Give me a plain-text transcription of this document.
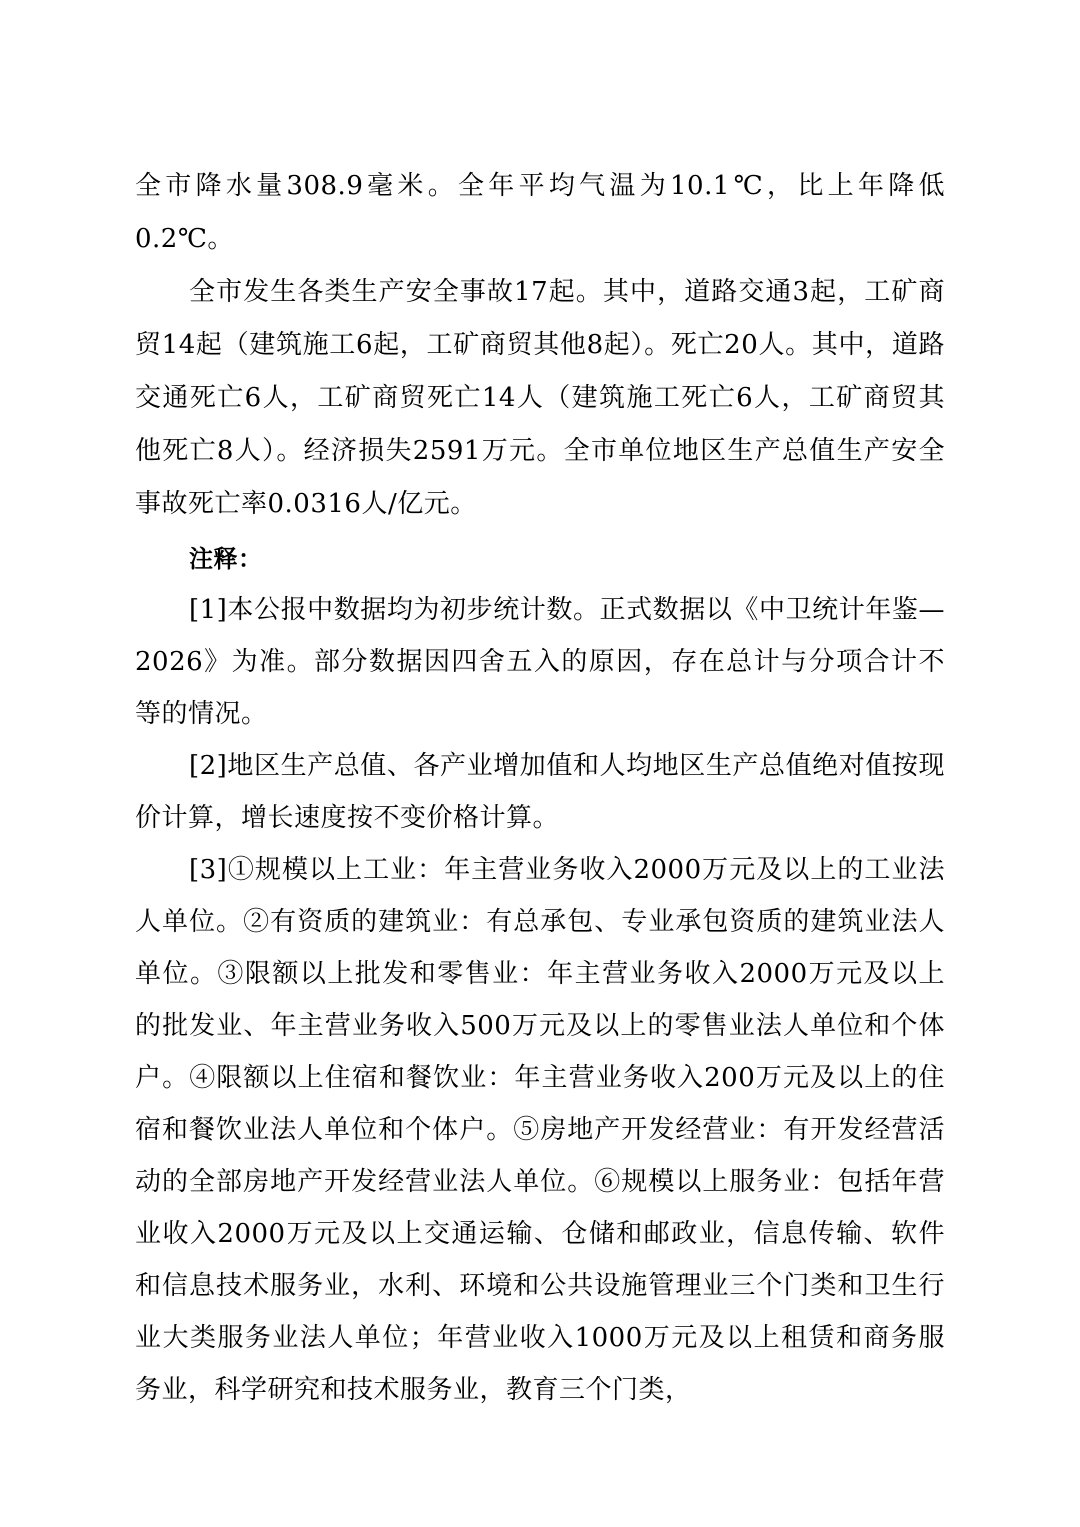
全市降水量308.9毫米。全年平均气温为10.1℃，比上年降低0.2℃。

全市发生各类生产安全事故17起。其中，道路交通3起，工矿商贸14起（建筑施工6起，工矿商贸其他8起）。死亡20人。其中，道路交通死亡6人，工矿商贸死亡14人（建筑施工死亡6人，工矿商贸其他死亡8人）。经济损失2591万元。全市单位地区生产总值生产安全事故死亡率0.0316人/亿元。

注释：

[1]本公报中数据均为初步统计数。正式数据以《中卫统计年鉴—2026》为准。部分数据因四舍五入的原因，存在总计与分项合计不等的情况。

[2]地区生产总值、各产业增加值和人均地区生产总值绝对值按现价计算，增长速度按不变价格计算。

[3]①规模以上工业：年主营业务收入2000万元及以上的工业法人单位。②有资质的建筑业：有总承包、专业承包资质的建筑业法人单位。③限额以上批发和零售业：年主营业务收入2000万元及以上的批发业、年主营业务收入500万元及以上的零售业法人单位和个体户。④限额以上住宿和餐饮业：年主营业务收入200万元及以上的住宿和餐饮业法人单位和个体户。⑤房地产开发经营业：有开发经营活动的全部房地产开发经营业法人单位。⑥规模以上服务业：包括年营业收入2000万元及以上交通运输、仓储和邮政业，信息传输、软件和信息技术服务业，水利、环境和公共设施管理业三个门类和卫生行业大类服务业法人单位；年营业收入1000万元及以上租赁和商务服务业，科学研究和技术服务业，教育三个门类，
